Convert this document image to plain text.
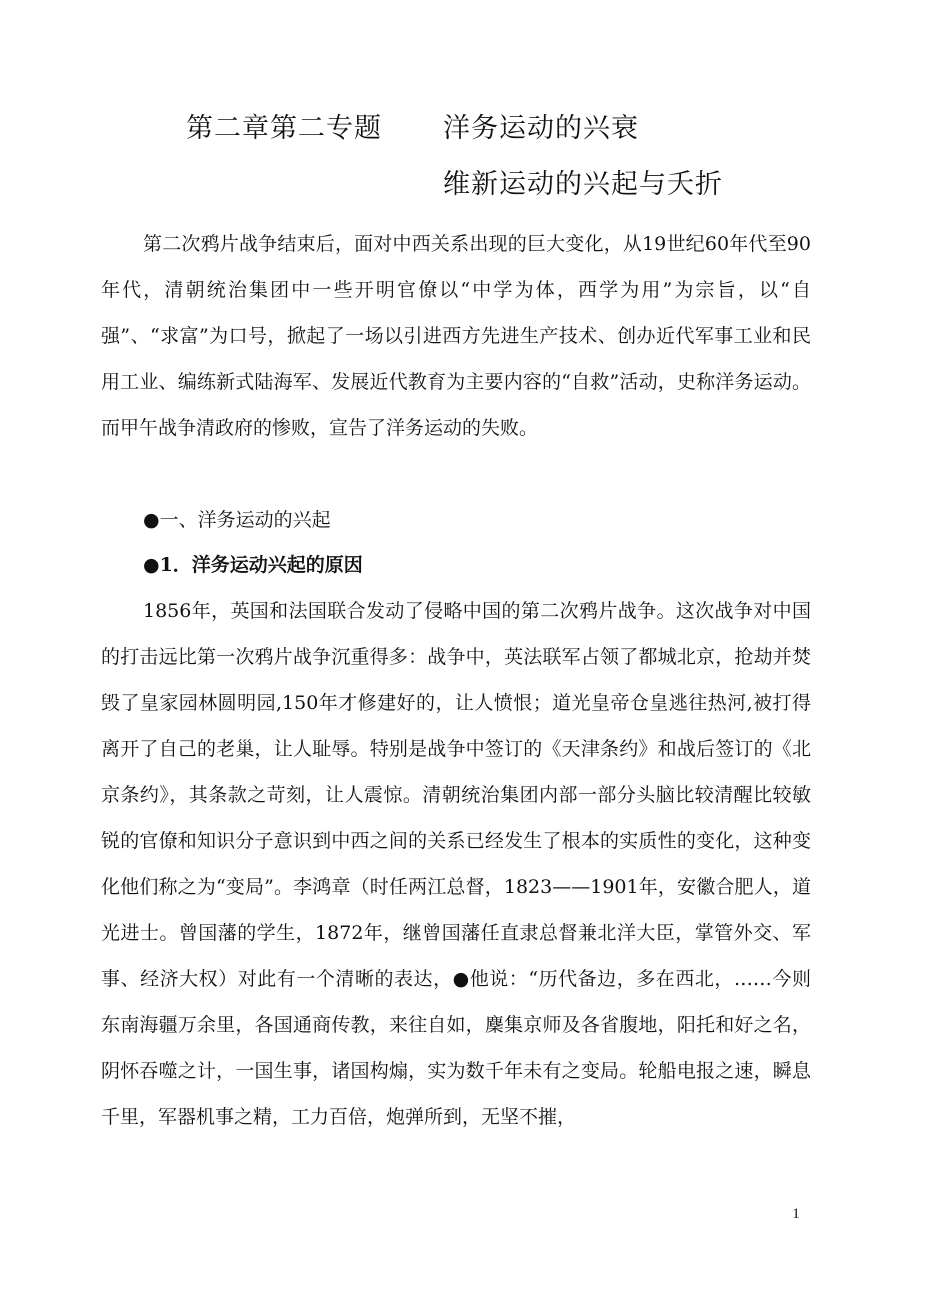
第二章第二专题 洋务运动的兴衰
维新运动的兴起与夭折
第二次鸦片战争结束后，面对中西关系出现的巨大变化，从19世纪60年代至90年代，清朝统治集团中一些开明官僚以“中学为体，西学为用”为宗旨，以“自强”、“求富”为口号，掀起了一场以引进西方先进生产技术、创办近代军事工业和民用工业、编练新式陆海军、发展近代教育为主要内容的“自救”活动，史称洋务运动。而甲午战争清政府的惨败，宣告了洋务运动的失败。
●一、洋务运动的兴起
●1．洋务运动兴起的原因
1856年，英国和法国联合发动了侵略中国的第二次鸦片战争。这次战争对中国的打击远比第一次鸦片战争沉重得多：战争中，英法联军占领了都城北京，抢劫并焚毁了皇家园林圆明园,150年才修建好的，让人愤恨；道光皇帝仓皇逃往热河,被打得离开了自己的老巢，让人耻辱。特别是战争中签订的《天津条约》和战后签订的《北京条约》，其条款之苛刻，让人震惊。清朝统治集团内部一部分头脑比较清醒比较敏锐的官僚和知识分子意识到中西之间的关系已经发生了根本的实质性的变化，这种变化他们称之为“变局”。李鸿章（时任两江总督，1823——1901年，安徽合肥人，道光进士。曾国藩的学生，1872年，继曾国藩任直隶总督兼北洋大臣，掌管外交、军事、经济大权）对此有一个清晰的表达，●他说：“历代备边，多在西北，……今则东南海疆万余里，各国通商传教，来往自如，麇集京师及各省腹地，阳托和好之名，阴怀吞噬之计，一国生事，诸国构煽，实为数千年未有之变局。轮船电报之速，瞬息千里，军器机事之精，工力百倍，炮弹所到，无坚不摧，
1
